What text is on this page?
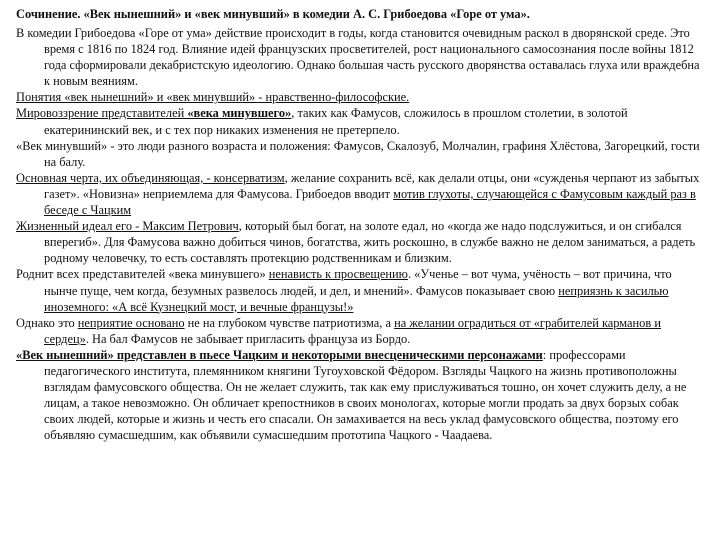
Сочинение. «Век нынешний» и «век минувший» в комедии А. С. Грибоедова «Горе от ума».

В комедии Грибоедова «Горе от ума» действие происходит в годы, когда становится очевидным раскол в дворянской среде. Это время с 1816 по 1824 год. Влияние идей французских просветителей, рост национального самосознания после войны 1812 года сформировали декабристскую идеологию. Однако большая часть русского дворянства оставалась глуха или враждебна к новым веяниям.

Понятия «век нынешний» и «век минувший» - нравственно-философские.

Мировоззрение представителей «века минувшего», таких как Фамусов, сложилось в прошлом столетии, в золотой екатерининский век, и с тех пор никаких изменения не претерпело.

«Век минувший» - это люди разного возраста и положения: Фамусов, Скалозуб, Молчалин, графиня Хлёстова, Загорецкий, гости на балу.

Основная черта, их объединяющая, - консерватизм, желание сохранить всё, как делали отцы, они «сужденья черпают из забытых газет». «Новизна» неприемлема для Фамусова. Грибоедов вводит мотив глухоты, случающейся с Фамусовым каждый раз в беседе с Чацким

Жизненный идеал его - Максим Петрович, который был богат, на золоте едал, но «когда же надо подслужиться, и он сгибался вперегиб». Для Фамусова важно добиться чинов, богатства, жить роскошно, в службе важно не делом заниматься, а радеть родному человечку, то есть составлять протекцию родственникам и близким.

Роднит всех представителей «века минувшего» ненависть к просвещению. «Ученье – вот чума, учёность – вот причина, что нынче пуще, чем когда, безумных развелось людей, и дел, и мнений». Фамусов показывает свою неприязнь к засилью иноземного: «А всё Кузнецкий мост, и вечные французы!»

Однако это неприятие основано не на глубоком чувстве патриотизма, а на желании оградиться от «грабителей карманов и сердец». На бал Фамусов не забывает пригласить француза из Бордо.

«Век нынешний» представлен в пьесе Чацким и некоторыми внесценическими персонажами: профессорами педагогического института, племянником княгини Тугоуховской Фёдором. Взгляды Чацкого на жизнь противоположны взглядам фамусовского общества. Он не желает служить, так как ему прислуживаться тошно, он хочет служить делу, а не лицам, а такое невозможно. Он обличает крепостников в своих монологах, которые могли продать за двух борзых собак своих людей, которые и жизнь и честь его спасали. Он замахивается на весь уклад фамусовского общества, поэтому его объявляю сумасшедшим, как объявили сумасшедшим прототипа Чацкого - Чаадаева.
